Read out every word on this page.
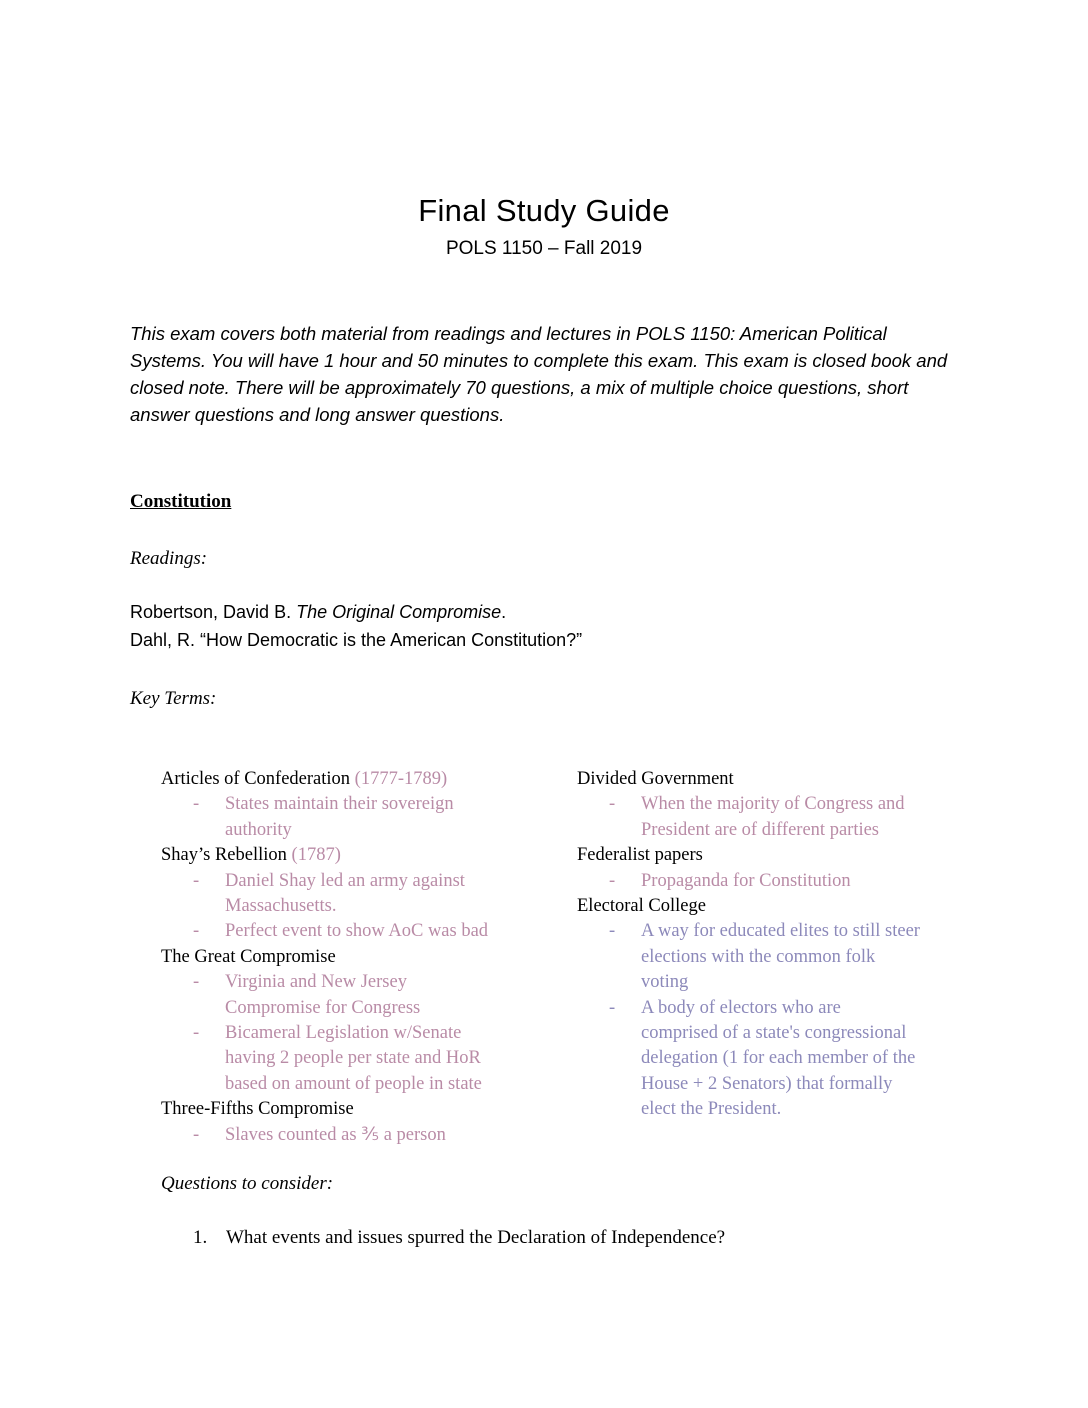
Final Study Guide
POLS 1150 – Fall 2019

This exam covers both material from readings and lectures in POLS 1150: American Political Systems. You will have 1 hour and 50 minutes to complete this exam. This exam is closed book and closed note. There will be approximately 70 questions, a mix of multiple choice questions, short answer questions and long answer questions.

Constitution
Readings:
Robertson, David B. The Original Compromise.
Dahl, R. “How Democratic is the American Constitution?”
Key Terms:
Articles of Confederation (1777-1789)
-	States maintain their sovereign authority
Shay’s Rebellion (1787)
-	Daniel Shay led an army against Massachusetts.
-	Perfect event to show AoC was bad
The Great Compromise
-	Virginia and New Jersey Compromise for Congress
-	Bicameral Legislation w/Senate having 2 people per state and HoR based on amount of people in state
Three-Fifths Compromise
-	Slaves counted as ⅗ a person
Divided Government
-	When the majority of Congress and President are of different parties
Federalist papers
-	Propaganda for Constitution
Electoral College
-	A way for educated elites to still steer elections with the common folk voting
-	A body of electors who are comprised of a state's congressional delegation (1 for each member of the House + 2 Senators) that formally elect the President.
Questions to consider:
1. What events and issues spurred the Declaration of Independence?
